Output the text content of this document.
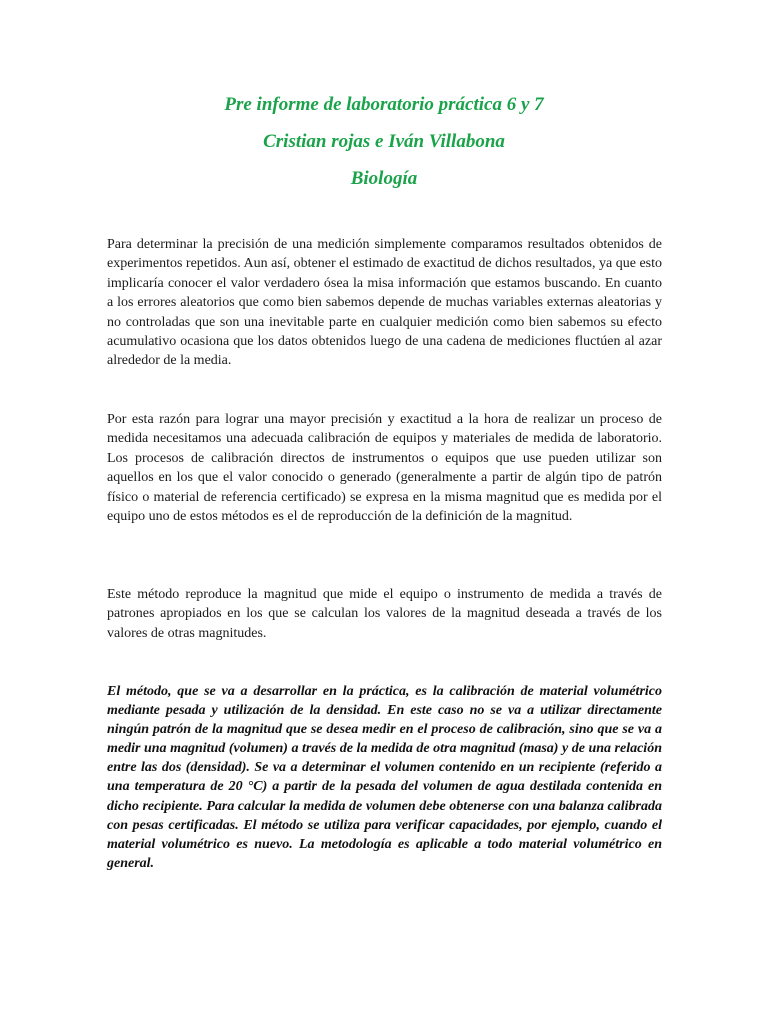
Pre informe de laboratorio práctica 6 y 7
Cristian rojas e Iván Villabona
Biología

Para determinar la precisión de una medición simplemente comparamos resultados obtenidos de experimentos repetidos. Aun así, obtener el estimado de exactitud de dichos resultados, ya que esto implicaría conocer el valor verdadero ósea la misa información que estamos buscando. En cuanto a los errores aleatorios que como bien sabemos depende de muchas variables externas aleatorias y no controladas que son una inevitable parte en cualquier medición como bien sabemos su efecto acumulativo ocasiona que los datos obtenidos luego de una cadena de mediciones fluctúen al azar alrededor de la media.

Por esta razón para lograr una mayor precisión y exactitud a la hora de realizar un proceso de medida necesitamos una adecuada calibración de equipos y materiales de medida de laboratorio. Los procesos de calibración directos de instrumentos o equipos que use pueden utilizar son aquellos en los que el valor conocido o generado (generalmente a partir de algún tipo de patrón físico o material de referencia certificado) se expresa en la misma magnitud que es medida por el equipo uno de estos métodos es el de reproducción de la definición de la magnitud.

Este método reproduce la magnitud que mide el equipo o instrumento de medida a través de patrones apropiados en los que se calculan los valores de la magnitud deseada a través de los valores de otras magnitudes.

El método, que se va a desarrollar en la práctica, es la calibración de material volumétrico mediante pesada y utilización de la densidad. En este caso no se va a utilizar directamente ningún patrón de la magnitud que se desea medir en el proceso de calibración, sino que se va a medir una magnitud (volumen) a través de la medida de otra magnitud (masa) y de una relación entre las dos (densidad). Se va a determinar el volumen contenido en un recipiente (referido a una temperatura de 20 °C) a partir de la pesada del volumen de agua destilada contenida en dicho recipiente. Para calcular la medida de volumen debe obtenerse con una balanza calibrada con pesas certificadas. El método se utiliza para verificar capacidades, por ejemplo, cuando el material volumétrico es nuevo. La metodología es aplicable a todo material volumétrico en general.
